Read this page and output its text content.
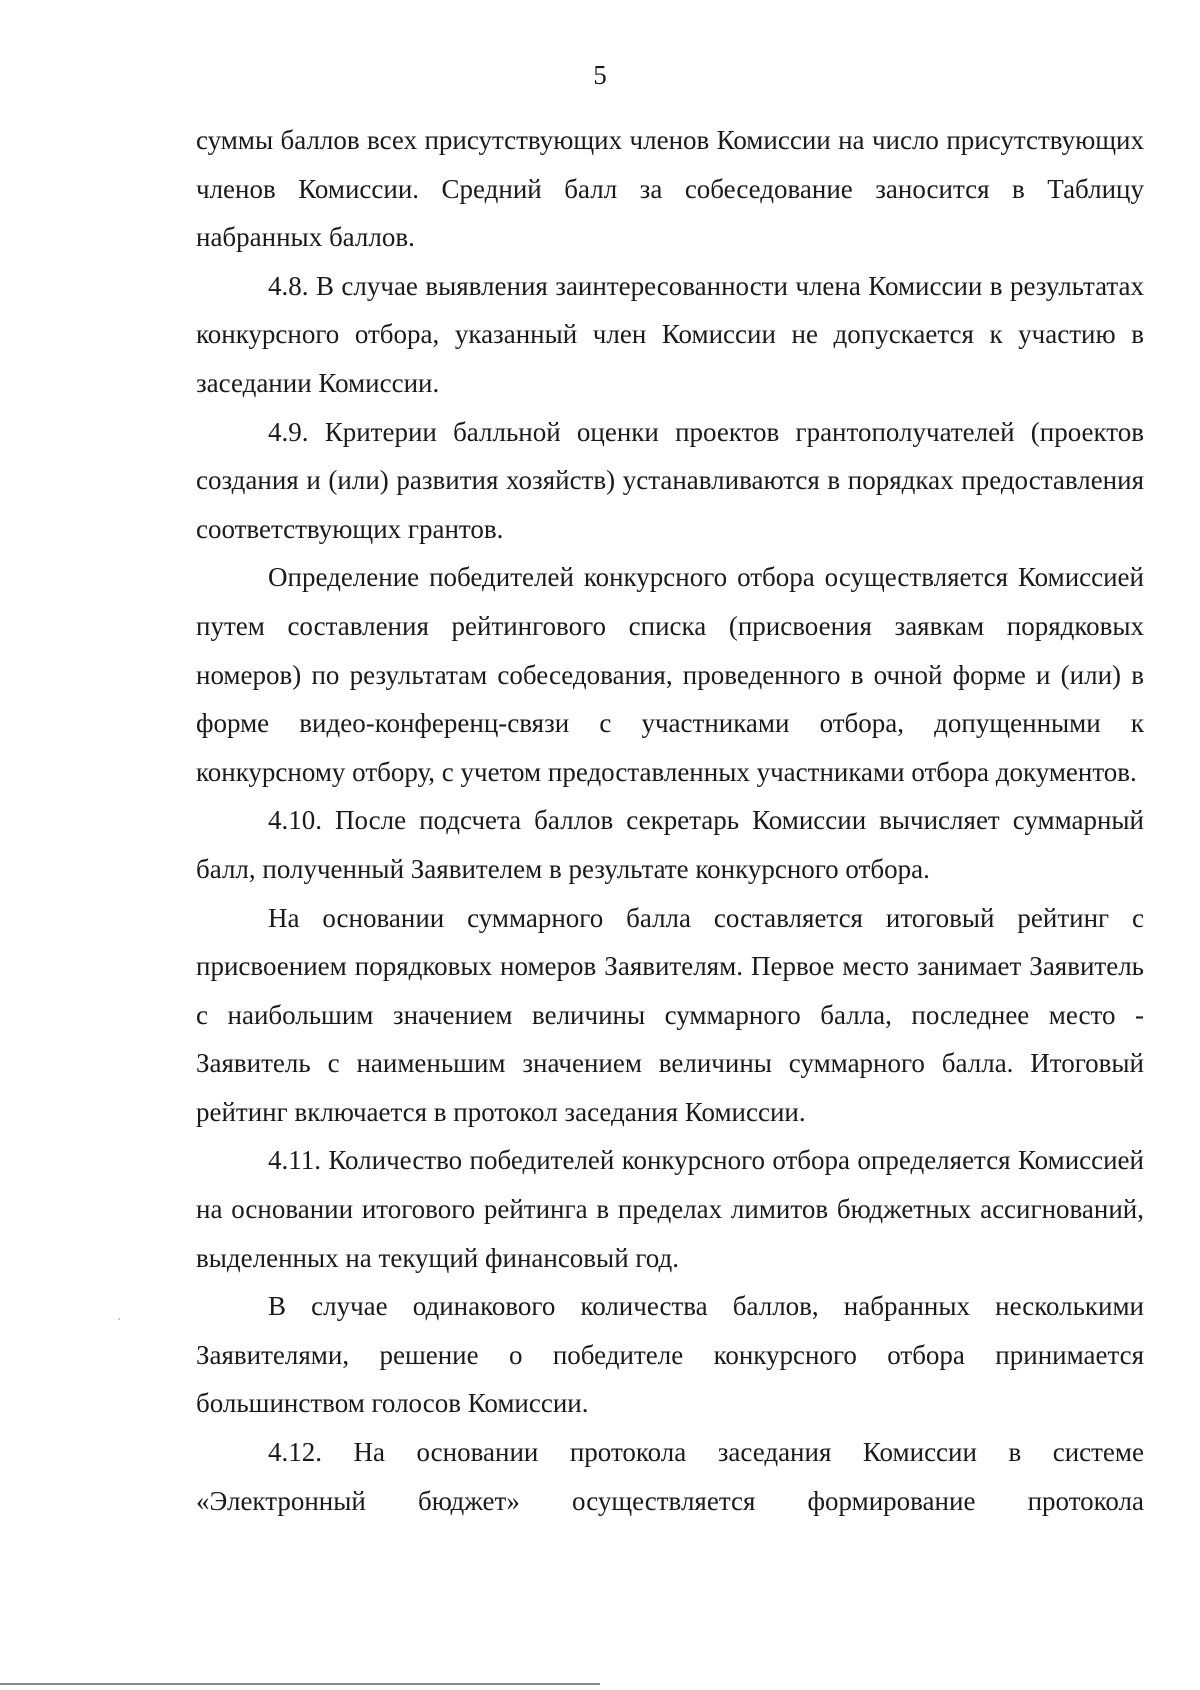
5

суммы баллов всех присутствующих членов Комиссии на число присутствующих членов Комиссии. Средний балл за собеседование заносится в Таблицу набранных баллов.

4.8. В случае выявления заинтересованности члена Комиссии в результатах конкурсного отбора, указанный член Комиссии не допускается к участию в заседании Комиссии.

4.9. Критерии балльной оценки проектов грантополучателей (проектов создания и (или) развития хозяйств) устанавливаются в порядках предоставления соответствующих грантов.

Определение победителей конкурсного отбора осуществляется Комиссией путем составления рейтингового списка (присвоения заявкам порядковых номеров) по результатам собеседования, проведенного в очной форме и (или) в форме видео-конференц-связи с участниками отбора, допущенными к конкурсному отбору, с учетом предоставленных участниками отбора документов.

4.10. После подсчета баллов секретарь Комиссии вычисляет суммарный балл, полученный Заявителем в результате конкурсного отбора.

На основании суммарного балла составляется итоговый рейтинг с присвоением порядковых номеров Заявителям. Первое место занимает Заявитель с наибольшим значением величины суммарного балла, последнее место - Заявитель с наименьшим значением величины суммарного балла. Итоговый рейтинг включается в протокол заседания Комиссии.

4.11. Количество победителей конкурсного отбора определяется Комиссией на основании итогового рейтинга в пределах лимитов бюджетных ассигнований, выделенных на текущий финансовый год.

В случае одинакового количества баллов, набранных несколькими Заявителями, решение о победителе конкурсного отбора принимается большинством голосов Комиссии.

4.12. На основании протокола заседания Комиссии в системе «Электронный бюджет» осуществляется формирование протокола
